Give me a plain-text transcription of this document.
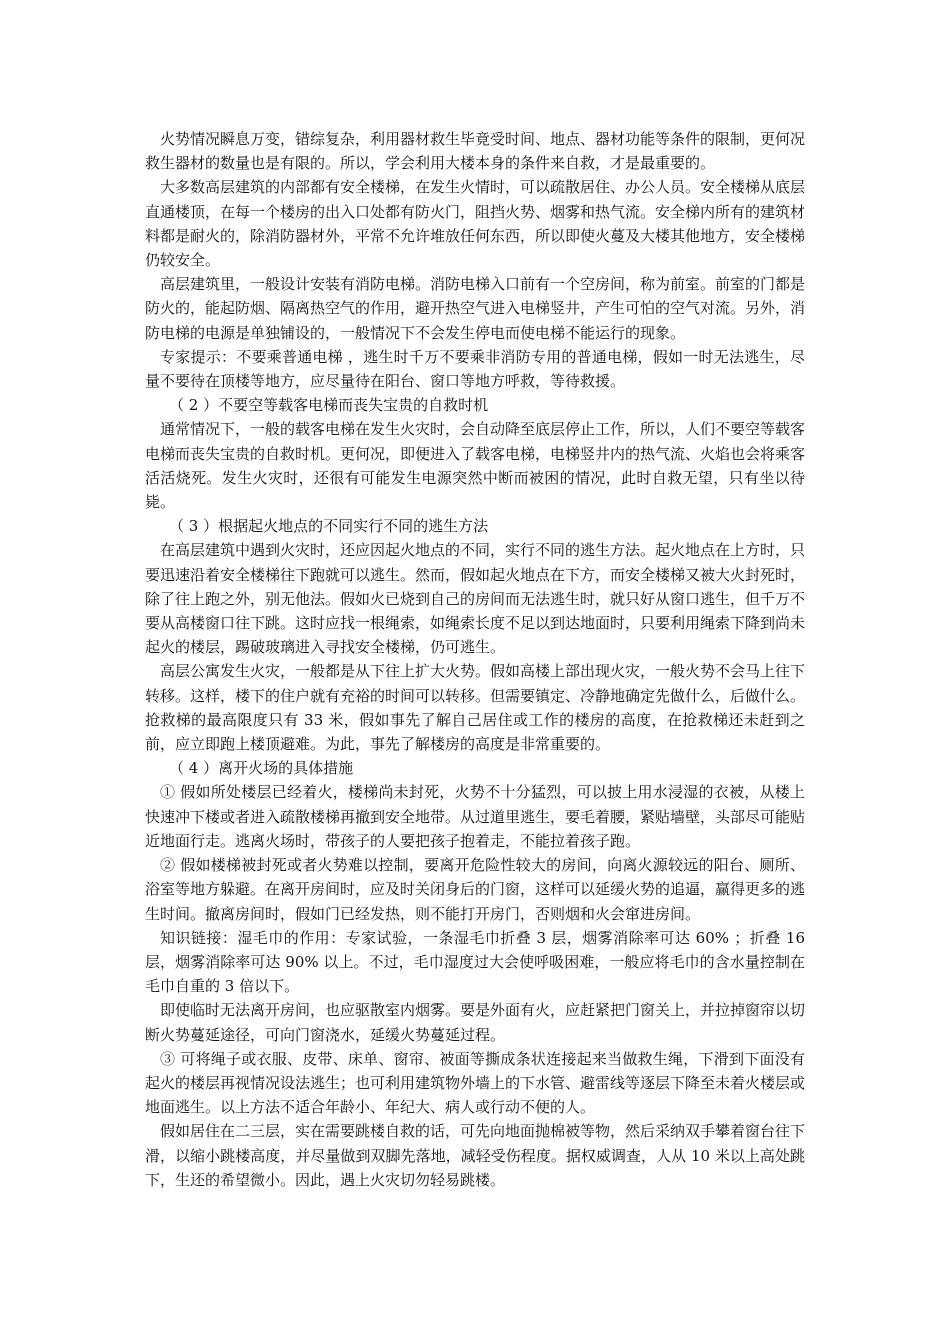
火势情况瞬息万变，错综复杂，利用器材救生毕竟受时间、地点、器材功能等条件的限制，更何况救生器材的数量也是有限的。所以，学会利用大楼本身的条件来自救，才是最重要的。

大多数高层建筑的内部都有安全楼梯，在发生火情时，可以疏散居住、办公人员。安全楼梯从底层直通楼顶，在每一个楼房的出入口处都有防火门，阻挡火势、烟雾和热气流。安全梯内所有的建筑材料都是耐火的，除消防器材外，平常不允许堆放任何东西，所以即使火蔓及大楼其他地方，安全楼梯仍较安全。

高层建筑里，一般设计安装有消防电梯。消防电梯入口前有一个空房间，称为前室。前室的门都是防火的，能起防烟、隔离热空气的作用，避开热空气进入电梯竖井，产生可怕的空气对流。另外，消防电梯的电源是单独铺设的，一般情况下不会发生停电而使电梯不能运行的现象。

专家提示：不要乘普通电梯 ，逃生时千万不要乘非消防专用的普通电梯，假如一时无法逃生，尽量不要待在顶楼等地方，应尽量待在阳台、窗口等地方呼救，等待救援。

（ 2 ）不要空等载客电梯而丧失宝贵的自救时机

通常情况下，一般的载客电梯在发生火灾时，会自动降至底层停止工作，所以，人们不要空等载客电梯而丧失宝贵的自救时机。更何况，即便进入了载客电梯，电梯竖井内的热气流、火焰也会将乘客活活烧死。发生火灾时，还很有可能发生电源突然中断而被困的情况，此时自救无望，只有坐以待毙。

（ 3 ）根据起火地点的不同实行不同的逃生方法

在高层建筑中遇到火灾时，还应因起火地点的不同，实行不同的逃生方法。起火地点在上方时，只要迅速沿着安全楼梯往下跑就可以逃生。然而，假如起火地点在下方，而安全楼梯又被大火封死时，除了往上跑之外，别无他法。假如火已烧到自己的房间而无法逃生时，就只好从窗口逃生，但千万不要从高楼窗口往下跳。这时应找一根绳索，如绳索长度不足以到达地面时，只要利用绳索下降到尚未起火的楼层，踢破玻璃进入寻找安全楼梯，仍可逃生。

高层公寓发生火灾，一般都是从下往上扩大火势。假如高楼上部出现火灾，一般火势不会马上往下转移。这样，楼下的住户就有充裕的时间可以转移。但需要镇定、冷静地确定先做什么，后做什么。抢救梯的最高限度只有 33 米，假如事先了解自己居住或工作的楼房的高度，在抢救梯还未赶到之前，应立即跑上楼顶避难。为此，事先了解楼房的高度是非常重要的。

（ 4 ）离开火场的具体措施

① 假如所处楼层已经着火，楼梯尚未封死，火势不十分猛烈，可以披上用水浸湿的衣被，从楼上快速冲下楼或者进入疏散楼梯再撤到安全地带。从过道里逃生，要毛着腰，紧贴墙壁，头部尽可能贴近地面行走。逃离火场时，带孩子的人要把孩子抱着走，不能拉着孩子跑。

② 假如楼梯被封死或者火势难以控制，要离开危险性较大的房间，向离火源较远的阳台、厕所、浴室等地方躲避。在离开房间时，应及时关闭身后的门窗，这样可以延缓火势的追逼，赢得更多的逃生时间。撤离房间时，假如门已经发热，则不能打开房门，否则烟和火会窜进房间。

知识链接：湿毛巾的作用：专家试验，一条湿毛巾折叠 3 层，烟雾消除率可达 60% ；折叠 16 层，烟雾消除率可达 90% 以上。不过，毛巾湿度过大会使呼吸困难，一般应将毛巾的含水量控制在毛巾自重的 3 倍以下。

即使临时无法离开房间，也应驱散室内烟雾。要是外面有火，应赶紧把门窗关上，并拉掉窗帘以切断火势蔓延途径，可向门窗浇水，延缓火势蔓延过程。

③ 可将绳子或衣服、皮带、床单、窗帘、被面等撕成条状连接起来当做救生绳，下滑到下面没有起火的楼层再视情况设法逃生；也可利用建筑物外墙上的下水管、避雷线等逐层下降至未着火楼层或地面逃生。以上方法不适合年龄小、年纪大、病人或行动不便的人。

假如居住在二三层，实在需要跳楼自救的话，可先向地面抛棉被等物，然后采纳双手攀着窗台往下滑，以缩小跳楼高度，并尽量做到双脚先落地，减轻受伤程度。据权威调查，人从 10 米以上高处跳下，生还的希望微小。因此，遇上火灾切勿轻易跳楼。
